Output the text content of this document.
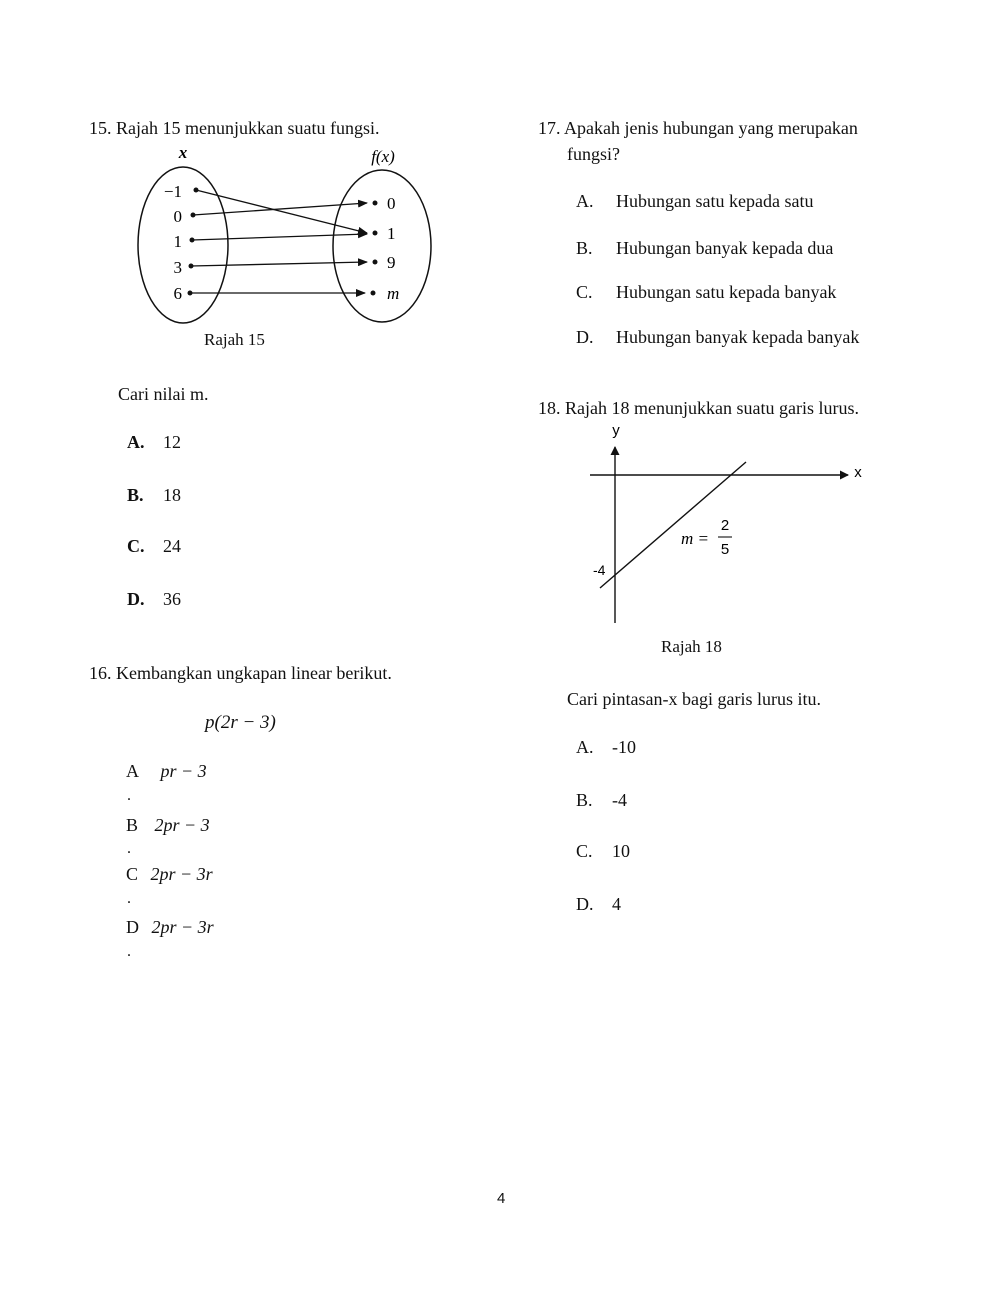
15. Rajah 15 menunjukkan suatu fungsi.
x	f(x)
−1
0
1
3
6
0
1
9
m
Rajah 15
Cari nilai m.
A. 12
B. 18
C. 24
D. 36
16. Kembangkan ungkapan linear berikut.
p(2r − 3)
A pr − 3
.
B 2pr − 3
.
C 2pr − 3r
.
D 2pr − 3r
.
17. Apakah jenis hubungan yang merupakan
fungsi?
A. Hubungan satu kepada satu
B. Hubungan banyak kepada dua
C. Hubungan satu kepada banyak
D. Hubungan banyak kepada banyak
18. Rajah 18 menunjukkan suatu garis lurus.
y
x
-4
m =
2
5
Rajah 18
Cari pintasan-x bagi garis lurus itu.
A. -10
B. -4
C. 10
D. 4
4
